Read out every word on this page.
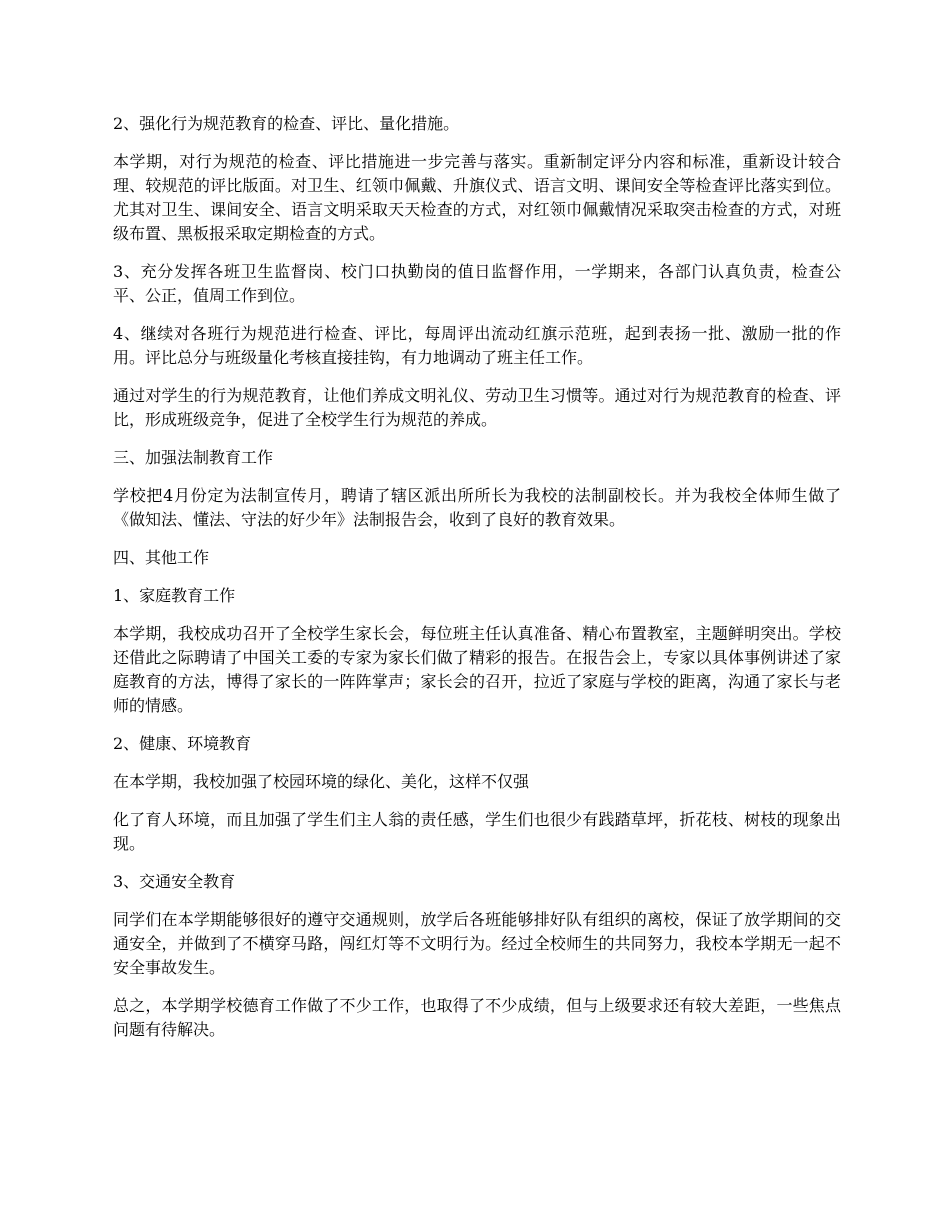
2、强化行为规范教育的检查、评比、量化措施。

本学期，对行为规范的检查、评比措施进一步完善与落实。重新制定评分内容和标准，重新设计较合理、较规范的评比版面。对卫生、红领巾佩戴、升旗仪式、语言文明、课间安全等检查评比落实到位。尤其对卫生、课间安全、语言文明采取天天检查的方式，对红领巾佩戴情况采取突击检查的方式，对班级布置、黑板报采取定期检查的方式。

3、充分发挥各班卫生监督岗、校门口执勤岗的值日监督作用，一学期来，各部门认真负责，检查公平、公正，值周工作到位。

4、继续对各班行为规范进行检查、评比，每周评出流动红旗示范班，起到表扬一批、激励一批的作用。评比总分与班级量化考核直接挂钩，有力地调动了班主任工作。

通过对学生的行为规范教育，让他们养成文明礼仪、劳动卫生习惯等。通过对行为规范教育的检查、评比，形成班级竞争，促进了全校学生行为规范的养成。

三、加强法制教育工作

学校把4月份定为法制宣传月，聘请了辖区派出所所长为我校的法制副校长。并为我校全体师生做了《做知法、懂法、守法的好少年》法制报告会，收到了良好的教育效果。

四、其他工作

1、家庭教育工作

本学期，我校成功召开了全校学生家长会，每位班主任认真准备、精心布置教室，主题鲜明突出。学校还借此之际聘请了中国关工委的专家为家长们做了精彩的报告。在报告会上，专家以具体事例讲述了家庭教育的方法，博得了家长的一阵阵掌声；家长会的召开，拉近了家庭与学校的距离，沟通了家长与老师的情感。

2、健康、环境教育

在本学期，我校加强了校园环境的绿化、美化，这样不仅强

化了育人环境，而且加强了学生们主人翁的责任感，学生们也很少有践踏草坪，折花枝、树枝的现象出现。

3、交通安全教育

同学们在本学期能够很好的遵守交通规则，放学后各班能够排好队有组织的离校，保证了放学期间的交通安全，并做到了不横穿马路，闯红灯等不文明行为。经过全校师生的共同努力，我校本学期无一起不安全事故发生。

总之，本学期学校德育工作做了不少工作，也取得了不少成绩，但与上级要求还有较大差距，一些焦点问题有待解决。
